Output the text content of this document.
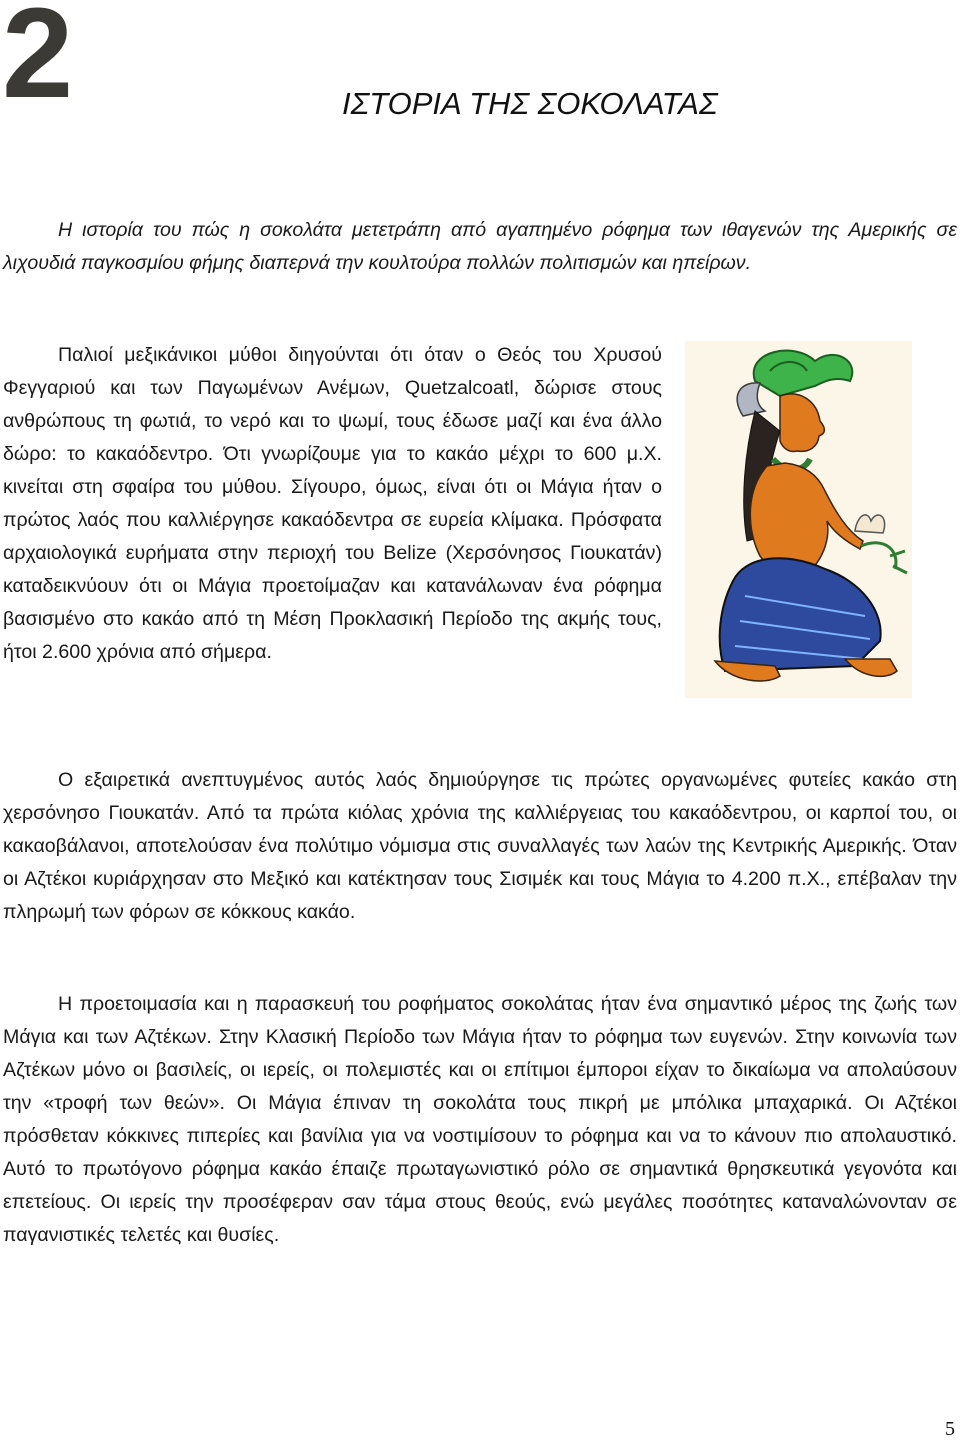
2	ΙΣΤΟΡΙΑ ΤΗΣ ΣΟΚΟΛΑΤΑΣ

Η ιστορία του πώς η σοκολάτα μετετράπη από αγαπημένο ρόφημα των ιθαγενών της Αμερικής σε λιχουδιά παγκοσμίου φήμης διαπερνά την κουλτούρα πολλών πολιτισμών και ηπείρων.

Παλιοί μεξικάνικοι μύθοι διηγούνται ότι όταν ο Θεός του Χρυσού Φεγγαριού και των Παγωμένων Ανέμων, Quetzalcoatl, δώρισε στους ανθρώπους τη φωτιά, το νερό και το ψωμί, τους έδωσε μαζί και ένα άλλο δώρο: το κακαόδεντρο. Ότι γνωρίζουμε για το κακάο μέχρι το 600 μ.Χ. κινείται στη σφαίρα του μύθου. Σίγουρο, όμως, είναι ότι οι Μάγια ήταν ο πρώτος λαός που καλλιέργησε κακαόδεντρα σε ευρεία κλίμακα. Πρόσφατα αρχαιολογικά ευρήματα στην περιοχή του Belize (Χερσόνησος Γιουκατάν) καταδεικνύουν ότι οι Μάγια προετοίμαζαν και κατανάλωναν ένα ρόφημα βασισμένο στο κακάο από τη Μέση Προκλασική Περίοδο της ακμής τους, ήτοι 2.600 χρόνια από σήμερα.

Ο εξαιρετικά ανεπτυγμένος αυτός λαός δημιούργησε τις πρώτες οργανωμένες φυτείες κακάο στη χερσόνησο Γιουκατάν. Από τα πρώτα κιόλας χρόνια της καλλιέργειας του κακαόδεντρου, οι καρποί του, οι κακαοβάλανοι, αποτελούσαν ένα πολύτιμο νόμισμα στις συναλλαγές των λαών της Κεντρικής Αμερικής. Όταν οι Αζτέκοι κυριάρχησαν στο Μεξικό και κατέκτησαν τους Σισιμέκ και τους Μάγια το 4.200 π.Χ., επέβαλαν την πληρωμή των φόρων σε κόκκους κακάο.

Η προετοιμασία και η παρασκευή του ροφήματος σοκολάτας ήταν ένα σημαντικό μέρος της ζωής των Μάγια και των Αζτέκων. Στην Κλασική Περίοδο των Μάγια ήταν το ρόφημα των ευγενών. Στην κοινωνία των Αζτέκων μόνο οι βασιλείς, οι ιερείς, οι πολεμιστές και οι επίτιμοι έμποροι είχαν το δικαίωμα να απολαύσουν την «τροφή των θεών». Οι Μάγια έπιναν τη σοκολάτα τους πικρή με μπόλικα μπαχαρικά. Οι Αζτέκοι πρόσθεταν κόκκινες πιπερίες και βανίλια για να νοστιμίσουν το ρόφημα και να το κάνουν πιο απολαυστικό. Αυτό το πρωτόγονο ρόφημα κακάο έπαιζε πρωταγωνιστικό ρόλο σε σημαντικά θρησκευτικά γεγονότα και επετείους. Οι ιερείς την προσέφεραν σαν τάμα στους θεούς, ενώ μεγάλες ποσότητες καταναλώνονταν σε παγανιστικές τελετές και θυσίες.

5
